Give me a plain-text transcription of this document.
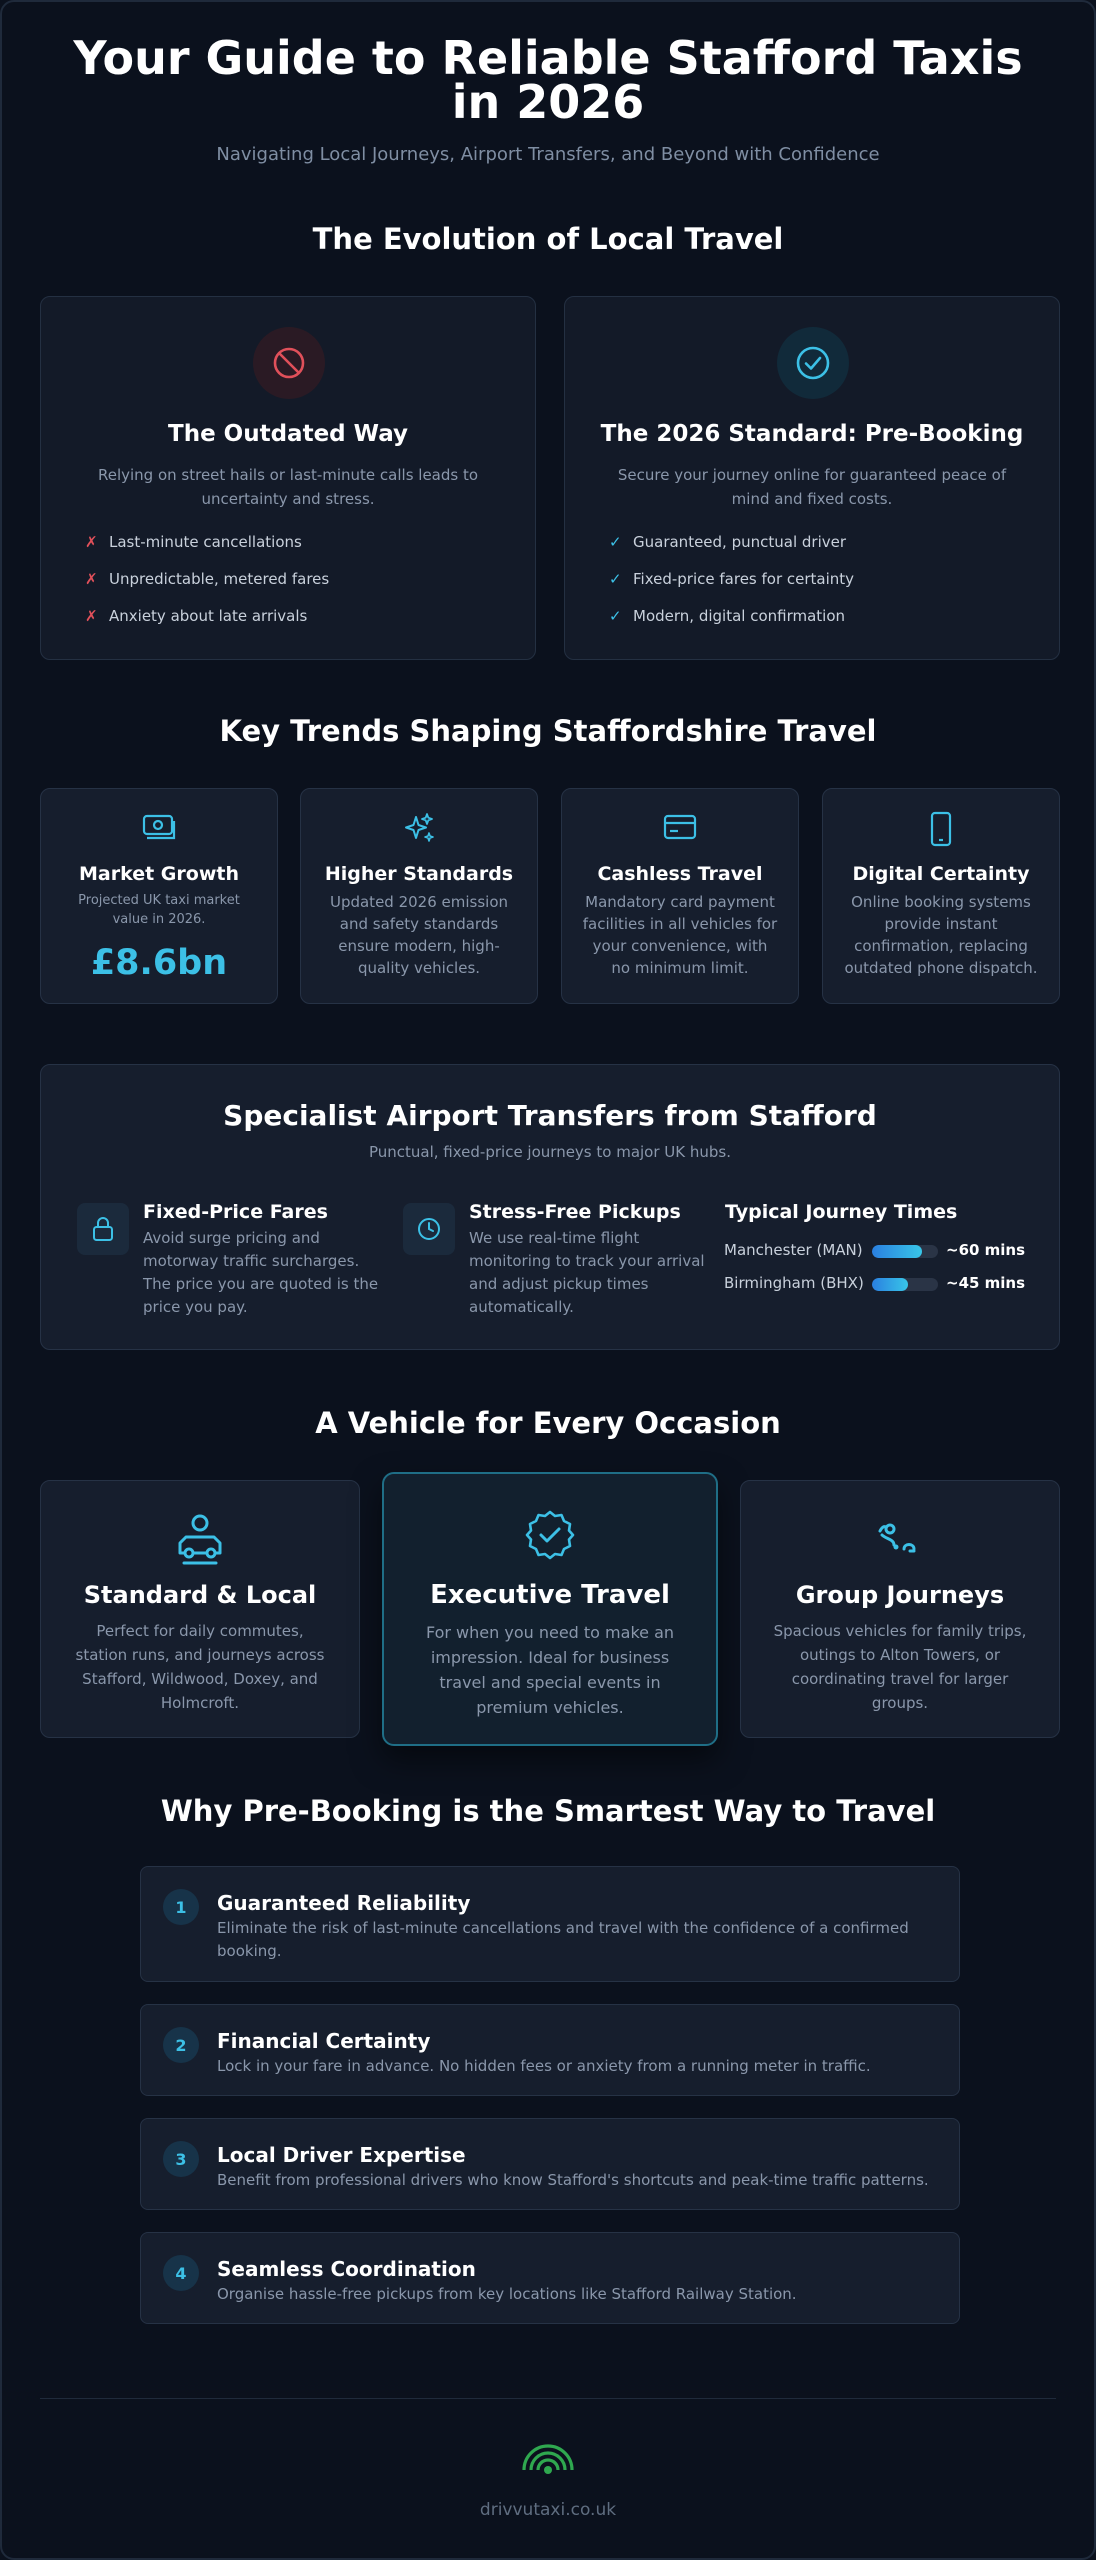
Your Guide to Reliable Stafford Taxis in 2026
Navigating Local Journeys, Airport Transfers, and Beyond with Confidence
The Evolution of Local Travel
The Outdated Way
Relying on street hails or last-minute calls leads to uncertainty and stress.
✗ Last-minute cancellations
✗ Unpredictable, metered fares
✗ Anxiety about late arrivals
The 2026 Standard: Pre-Booking
Secure your journey online for guaranteed peace of mind and fixed costs.
✓ Guaranteed, punctual driver
✓ Fixed-price fares for certainty
✓ Modern, digital confirmation
Key Trends Shaping Staffordshire Travel
Market Growth
Projected UK taxi market value in 2026.
£8.6bn
Higher Standards
Updated 2026 emission and safety standards ensure modern, high-quality vehicles.
Cashless Travel
Mandatory card payment facilities in all vehicles for your convenience, with no minimum limit.
Digital Certainty
Online booking systems provide instant confirmation, replacing outdated phone dispatch.
Specialist Airport Transfers from Stafford
Punctual, fixed-price journeys to major UK hubs.
Fixed-Price Fares
Avoid surge pricing and motorway traffic surcharges. The price you are quoted is the price you pay.
Stress-Free Pickups
We use real-time flight monitoring to track your arrival and adjust pickup times automatically.
Typical Journey Times
Manchester (MAN)	~60 mins
Birmingham (BHX)	~45 mins
A Vehicle for Every Occasion
Standard & Local
Perfect for daily commutes, station runs, and journeys across Stafford, Wildwood, Doxey, and Holmcroft.
Executive Travel
For when you need to make an impression. Ideal for business travel and special events in premium vehicles.
Group Journeys
Spacious vehicles for family trips, outings to Alton Towers, or coordinating travel for larger groups.
Why Pre-Booking is the Smartest Way to Travel
1	Guaranteed Reliability
Eliminate the risk of last-minute cancellations and travel with the confidence of a confirmed booking.
2	Financial Certainty
Lock in your fare in advance. No hidden fees or anxiety from a running meter in traffic.
3	Local Driver Expertise
Benefit from professional drivers who know Stafford's shortcuts and peak-time traffic patterns.
4	Seamless Coordination
Organise hassle-free pickups from key locations like Stafford Railway Station.
drivvutaxi.co.uk
